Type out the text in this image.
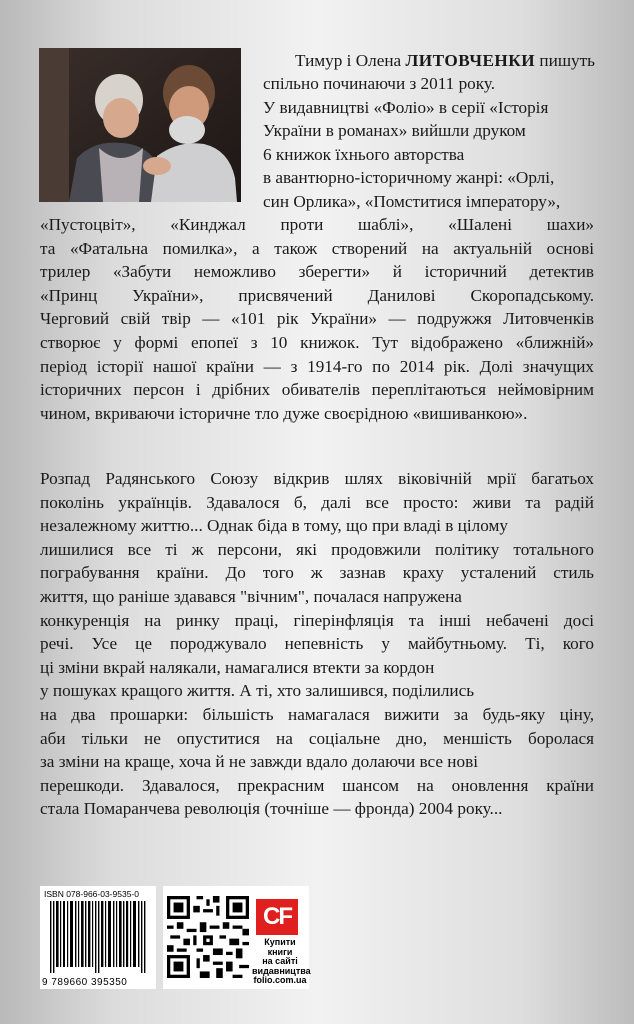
Тимур і Олена ЛИТОВЧЕНКИ пишуть
спільно починаючи з 2011 року.
У видавництві «Фоліо» в серії «Історія
України в романах» вийшли друком
6 книжок їхнього авторства
в авантюрно-історичному жанрі: «Орлі,
син Орлика», «Помститися імператору»,
«Пустоцвіт», «Кинджал проти шаблі», «Шалені шахи»
та «Фатальна помилка», а також створений на актуальній основі
трилер «Забути неможливо зберегти» й історичний детектив
«Принц України», присвячений Данилові Скоропадському.
Черговий свій твір — «101 рік України» — подружжя Литовченків
створює у формі епопеї з 10 книжок. Тут відображено «ближній»
період історії нашої країни — з 1914-го по 2014 рік. Долі значущих
історичних персон і дрібних обивателів переплітаються неймовірним
чином, вкриваючи історичне тло дуже своєрідною «вишиванкою».
Розпад Радянського Союзу відкрив шлях віковічній мрії багатьох
поколінь українців. Здавалося б, далі все просто: живи та радій
незалежному життю... Однак біда в тому, що при владі в цілому
лишилися все ті ж персони, які продовжили політику тотального
пограбування країни. До того ж зазнав краху усталений стиль
життя, що раніше здавався "вічним", почалася напружена
конкуренція на ринку праці, гіперінфляція та інші небачені досі
речі. Усе це породжувало непевність у майбутньому. Ті, кого
ці зміни вкрай налякали, намагалися втекти за кордон
у пошуках кращого життя. А ті, хто залишився, поділились
на два прошарки: більшість намагалася вижити за будь-яку ціну,
аби тільки не опуститися на соціальне дно, меншість боролася
за зміни на краще, хоча й не завжди вдало долаючи все нові
перешкоди. Здавалося, прекрасним шансом на оновлення країни
стала Помаранчева революція (точніше — фронда) 2004 року...
ISBN 078-966-03-9535-0
9 789660 395350
CF
Купити книги
на сайті
видавництва
folio.com.ua
